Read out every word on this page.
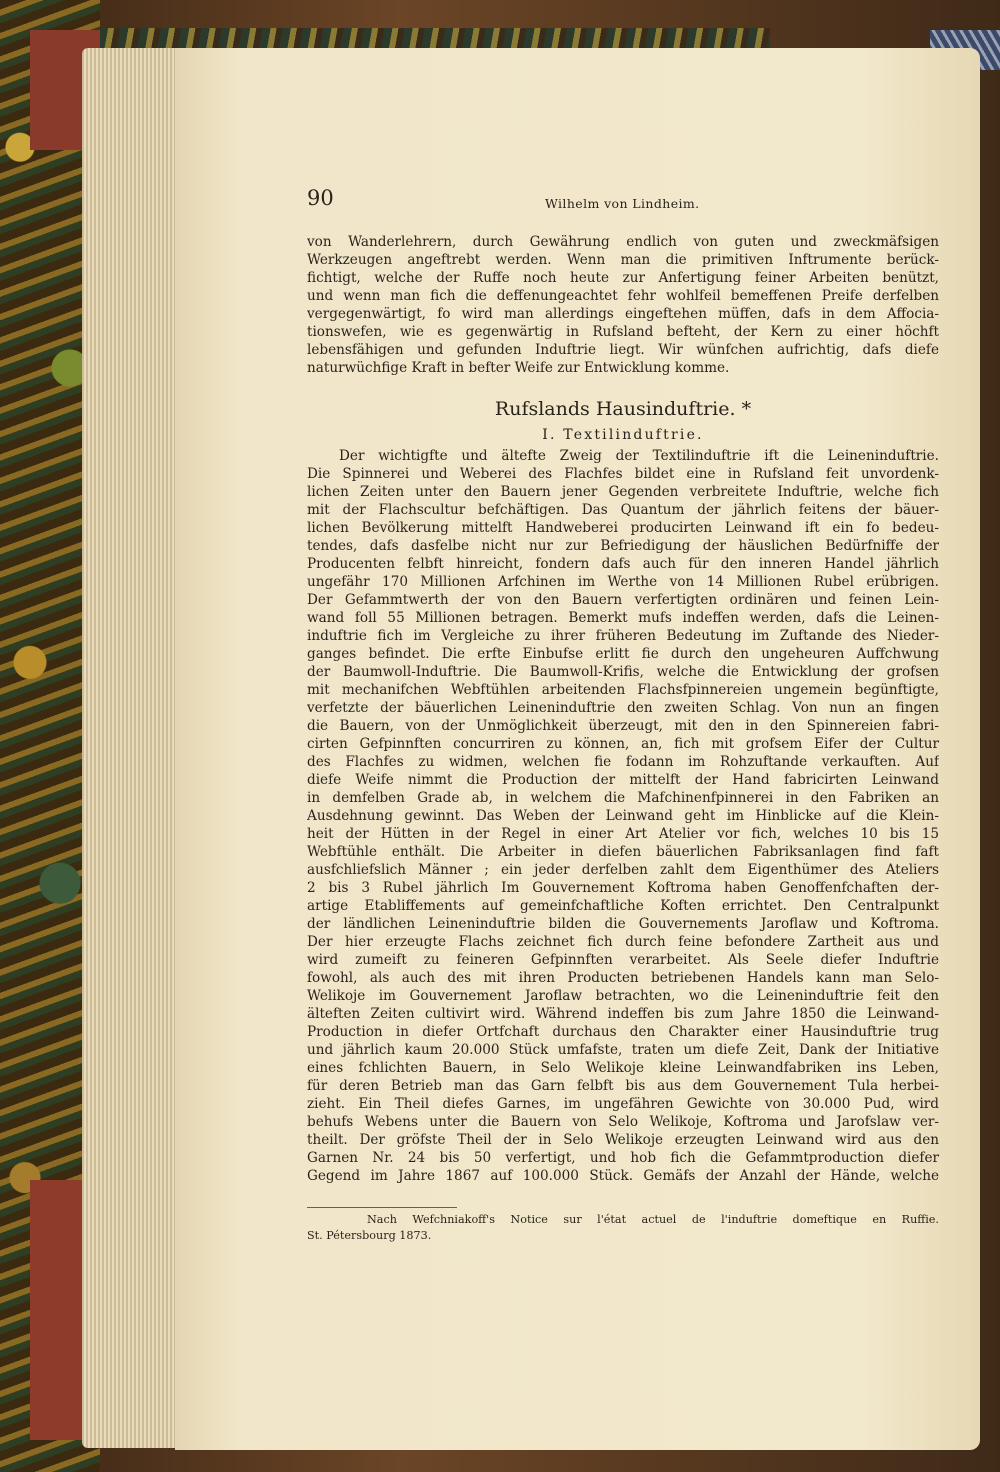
90	Wilhelm von Lindheim.
von Wanderlehrern, durch Gewährung endlich von guten und zweckmäfsigen
Werkzeugen angeftrebt werden. Wenn man die primitiven Inftrumente berück-
fichtigt, welche der Ruffe noch heute zur Anfertigung feiner Arbeiten benützt,
und wenn man fich die deffenungeachtet fehr wohlfeil bemeffenen Preife derfelben
vergegenwärtigt, fo wird man allerdings eingeftehen müffen, dafs in dem Affocia-
tionswefen, wie es gegenwärtig in Rufsland befteht, der Kern zu einer höchft
lebensfähigen und gefunden Induftrie liegt. Wir wünfchen aufrichtig, dafs diefe
naturwüchfige Kraft in befter Weife zur Entwicklung komme.
Rufslands Hausinduftrie. *
I. Textilinduftrie.
Der wichtigfte und ältefte Zweig der Textilinduftrie ift die Leineninduftrie.
Die Spinnerei und Weberei des Flachfes bildet eine in Rufsland feit unvordenk-
lichen Zeiten unter den Bauern jener Gegenden verbreitete Induftrie, welche fich
mit der Flachscultur befchäftigen. Das Quantum der jährlich feitens der bäuer-
lichen Bevölkerung mittelft Handweberei producirten Leinwand ift ein fo bedeu-
tendes, dafs dasfelbe nicht nur zur Befriedigung der häuslichen Bedürfniffe der
Producenten felbft hinreicht, fondern dafs auch für den inneren Handel jährlich
ungefähr 170 Millionen Arfchinen im Werthe von 14 Millionen Rubel erübrigen.
Der Gefammtwerth der von den Bauern verfertigten ordinären und feinen Lein-
wand foll 55 Millionen betragen. Bemerkt mufs indeffen werden, dafs die Leinen-
induftrie fich im Vergleiche zu ihrer früheren Bedeutung im Zuftande des Nieder-
ganges befindet. Die erfte Einbufse erlitt fie durch den ungeheuren Auffchwung
der Baumwoll-Induftrie. Die Baumwoll-Krifis, welche die Entwicklung der grofsen
mit mechanifchen Webftühlen arbeitenden Flachsfpinnereien ungemein begünftigte,
verfetzte der bäuerlichen Leineninduftrie den zweiten Schlag. Von nun an fingen
die Bauern, von der Unmöglichkeit überzeugt, mit den in den Spinnereien fabri-
cirten Gefpinnften concurriren zu können, an, fich mit grofsem Eifer der Cultur
des Flachfes zu widmen, welchen fie fodann im Rohzuftande verkauften. Auf
diefe Weife nimmt die Production der mittelft der Hand fabricirten Leinwand
in demfelben Grade ab, in welchem die Mafchinenfpinnerei in den Fabriken an
Ausdehnung gewinnt. Das Weben der Leinwand geht im Hinblicke auf die Klein-
heit der Hütten in der Regel in einer Art Atelier vor fich, welches 10 bis 15
Webftühle enthält. Die Arbeiter in diefen bäuerlichen Fabriksanlagen find faft
ausfchliefslich Männer ; ein jeder derfelben zahlt dem Eigenthümer des Ateliers
2 bis 3 Rubel jährlich Im Gouvernement Koftroma haben Genoffenfchaften der-
artige Etabliffements auf gemeinfchaftliche Koften errichtet. Den Centralpunkt
der ländlichen Leineninduftrie bilden die Gouvernements Jaroflaw und Koftroma.
Der hier erzeugte Flachs zeichnet fich durch feine befondere Zartheit aus und
wird zumeift zu feineren Gefpinnften verarbeitet. Als Seele diefer Induftrie
fowohl, als auch des mit ihren Producten betriebenen Handels kann man Selo-
Welikoje im Gouvernement Jaroflaw betrachten, wo die Leineninduftrie feit den
älteften Zeiten cultivirt wird. Während indeffen bis zum Jahre 1850 die Leinwand-
Production in diefer Ortfchaft durchaus den Charakter einer Hausinduftrie trug
und jährlich kaum 20.000 Stück umfafste, traten um diefe Zeit, Dank der Initiative
eines fchlichten Bauern, in Selo Welikoje kleine Leinwandfabriken ins Leben,
für deren Betrieb man das Garn felbft bis aus dem Gouvernement Tula herbei-
zieht. Ein Theil diefes Garnes, im ungefähren Gewichte von 30.000 Pud, wird
behufs Webens unter die Bauern von Selo Welikoje, Koftroma und Jarofslaw ver-
theilt. Der gröfste Theil der in Selo Welikoje erzeugten Leinwand wird aus den
Garnen Nr. 24 bis 50 verfertigt, und hob fich die Gefammtproduction diefer
Gegend im Jahre 1867 auf 100.000 Stück. Gemäfs der Anzahl der Hände, welche
Nach Wefchniakoff's Notice sur l'état actuel de l'induftrie domeftique en Ruffie.
St. Pétersbourg 1873.
